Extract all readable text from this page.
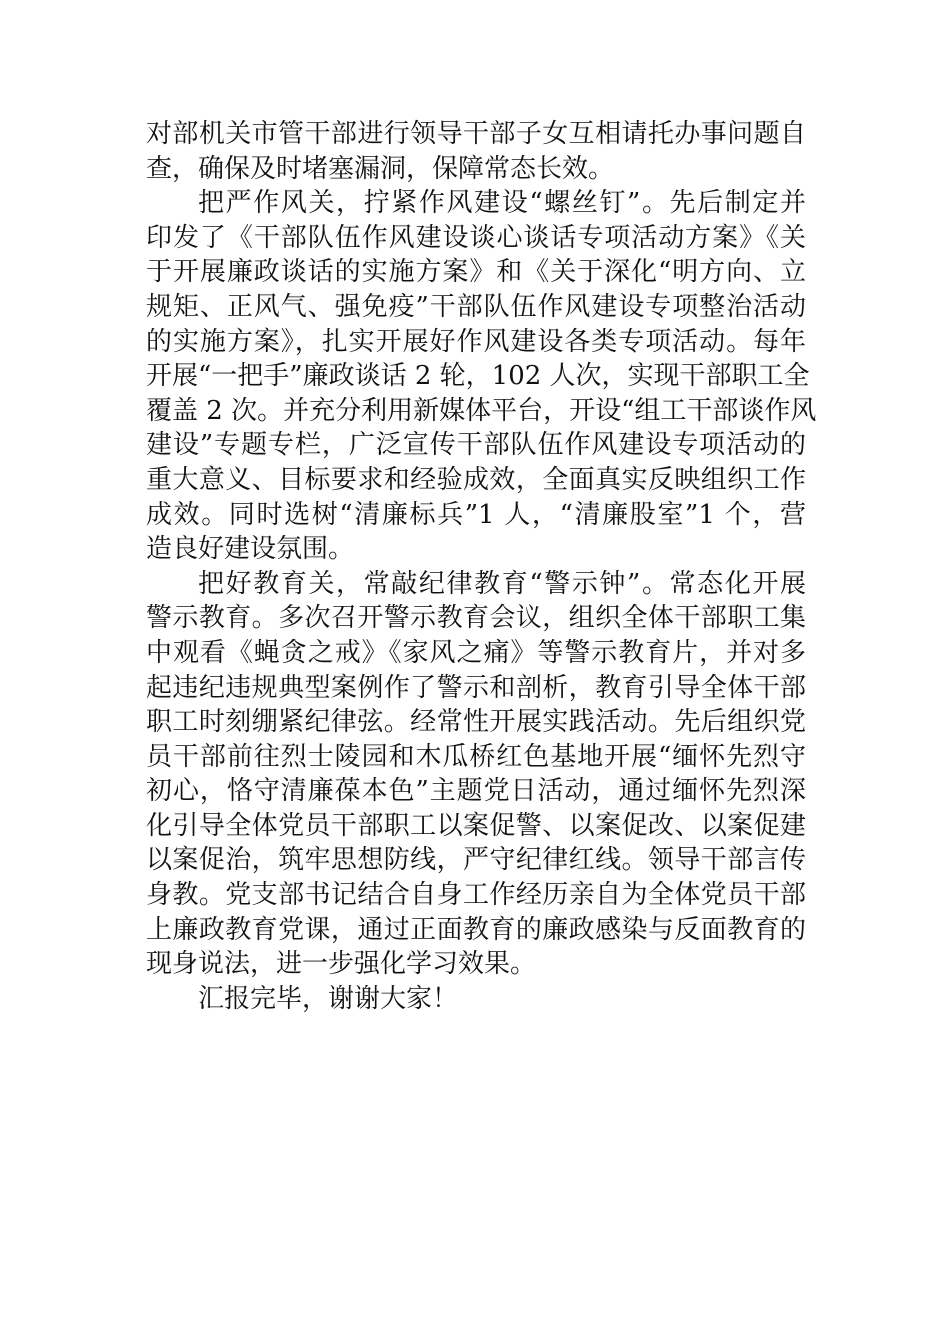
对部机关市管干部进行领导干部子女互相请托办事问题自
查，确保及时堵塞漏洞，保障常态长效。
把严作风关，拧紧作风建设“螺丝钉”。先后制定并
印发了《干部队伍作风建设谈心谈话专项活动方案》《关
于开展廉政谈话的实施方案》和《关于深化“明方向、立
规矩、正风气、强免疫”干部队伍作风建设专项整治活动
的实施方案》，扎实开展好作风建设各类专项活动。每年
开展“一把手”廉政谈话 2 轮，102 人次，实现干部职工全
覆盖 2 次。并充分利用新媒体平台，开设“组工干部谈作风
建设”专题专栏，广泛宣传干部队伍作风建设专项活动的
重大意义、目标要求和经验成效，全面真实反映组织工作
成效。同时选树“清廉标兵”1 人，“清廉股室”1 个，营
造良好建设氛围。
把好教育关，常敲纪律教育“警示钟”。常态化开展
警示教育。多次召开警示教育会议，组织全体干部职工集
中观看《蝇贪之戒》《家风之痛》等警示教育片，并对多
起违纪违规典型案例作了警示和剖析，教育引导全体干部
职工时刻绷紧纪律弦。经常性开展实践活动。先后组织党
员干部前往烈士陵园和木瓜桥红色基地开展“缅怀先烈守
初心，恪守清廉葆本色”主题党日活动，通过缅怀先烈深
化引导全体党员干部职工以案促警、以案促改、以案促建
以案促治，筑牢思想防线，严守纪律红线。领导干部言传
身教。党支部书记结合自身工作经历亲自为全体党员干部
上廉政教育党课，通过正面教育的廉政感染与反面教育的
现身说法，进一步强化学习效果。
汇报完毕，谢谢大家！
